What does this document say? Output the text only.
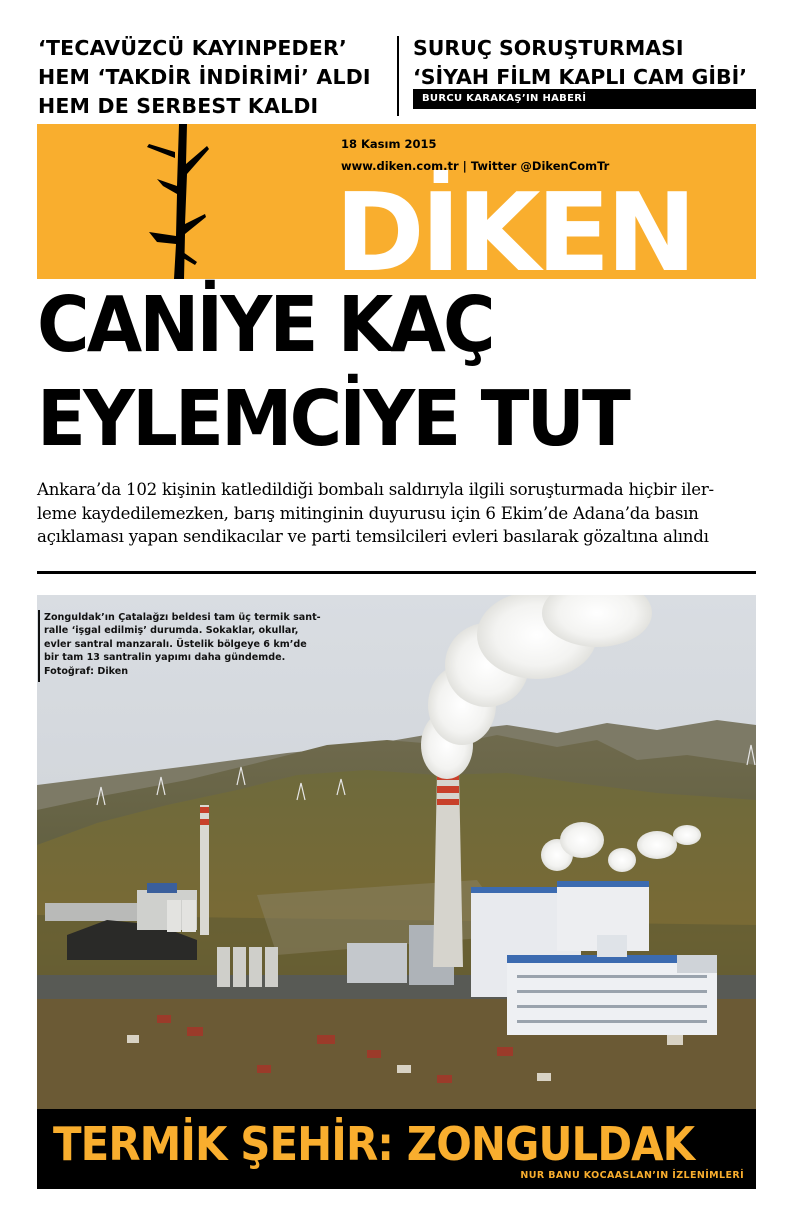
‘TECAVÜZCÜ KAYINPEDER’
HEM ‘TAKDİR İNDİRİMİ’ ALDI
HEM DE SERBEST KALDI
SURUÇ SORUŞTURMASI
‘SİYAH FİLM KAPLI CAM GİBİ’
BURCU KARAKAŞ’IN HABERİ
18 Kasım 2015
www.diken.com.tr | Twitter @DikenComTr
DİKEN
CANİYE KAÇ
EYLEMCİYE TUT
Ankara’da 102 kişinin katledildiği bombalı saldırıyla ilgili soruşturmada hiçbir iler-
leme kaydedilemezken, barış mitinginin duyurusu için 6 Ekim’de Adana’da basın
açıklaması yapan sendikacılar ve parti temsilcileri evleri basılarak gözaltına alındı
Zonguldak’ın Çatalağzı beldesi tam üç termik sant-
ralle ‘işgal edilmiş’ durumda. Sokaklar, okullar,
evler santral manzaralı. Üstelik bölgeye 6 km’de
bir tam 13 santralin yapımı daha gündemde.
Fotoğraf: Diken
TERMİK ŞEHİR: ZONGULDAK
NUR BANU KOCAASLAN’IN İZLENİMLERİ
